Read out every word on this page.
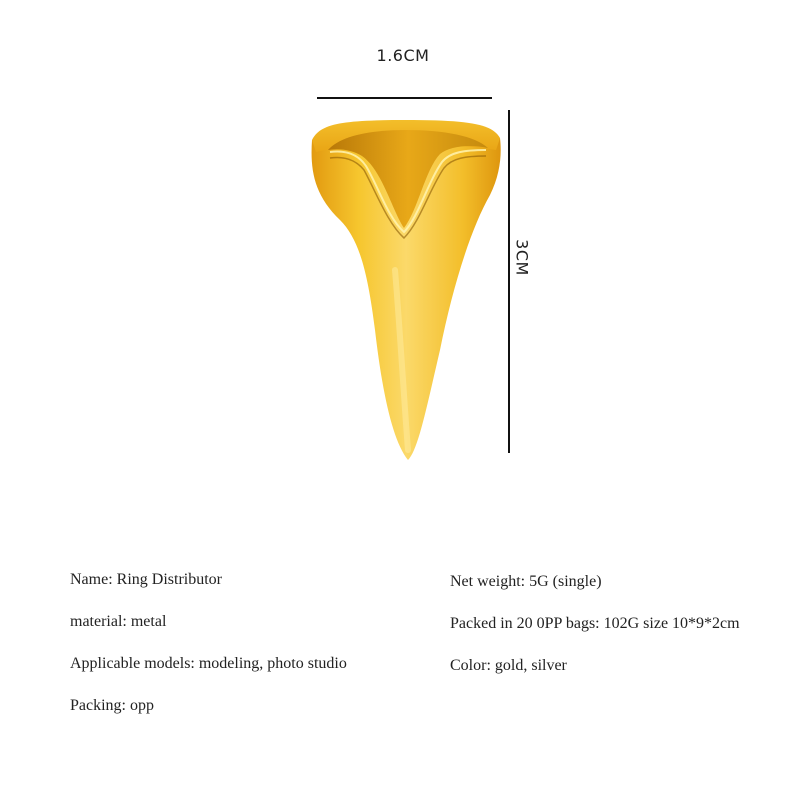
1.6CM
3CM
Name: Ring Distributor
material: metal
Applicable models: modeling, photo studio
Packing: opp
Net weight: 5G (single)
Packed in 20 0PP bags: 102G size 10*9*2cm
Color: gold, silver
